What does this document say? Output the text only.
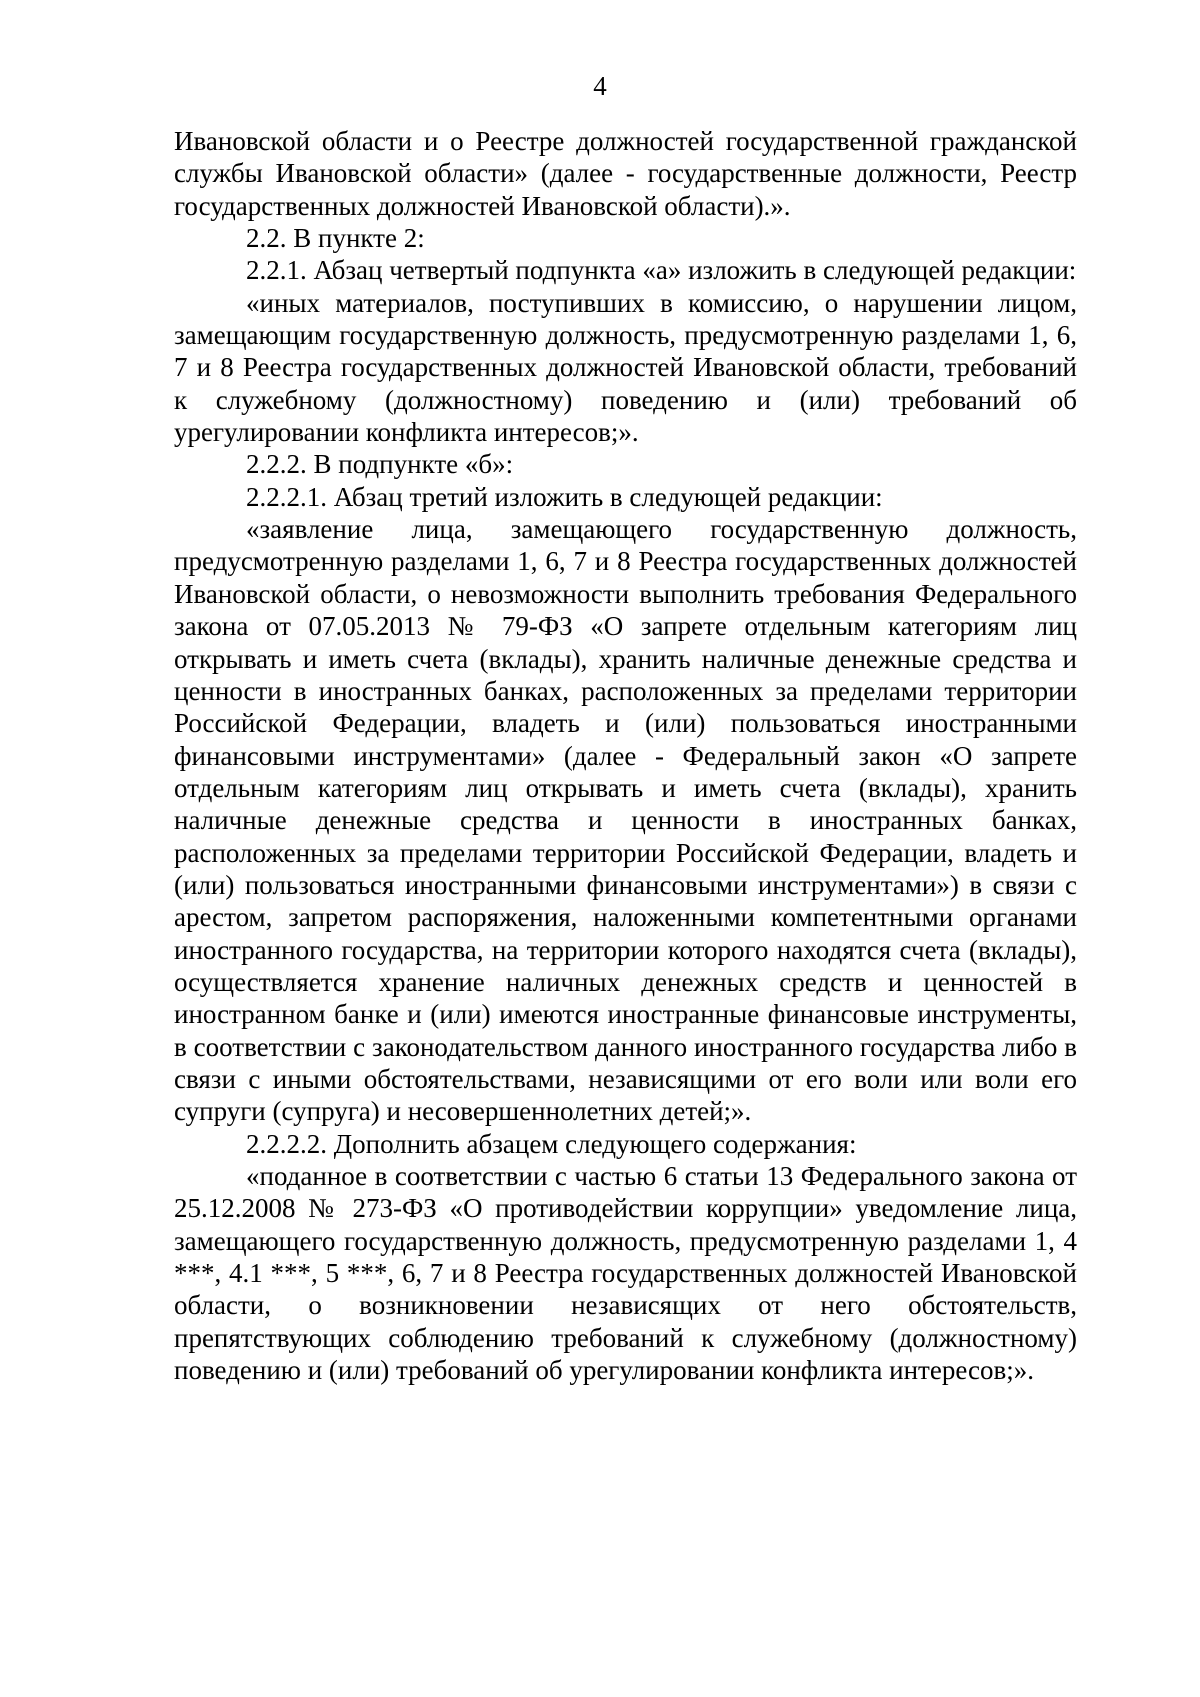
4

Ивановской области и о Реестре должностей государственной гражданской службы Ивановской области» (далее - государственные должности, Реестр государственных должностей Ивановской области).».

2.2. В пункте 2:

2.2.1. Абзац четвертый подпункта «а» изложить в следующей редакции:

«иных материалов, поступивших в комиссию, о нарушении лицом, замещающим государственную должность, предусмотренную разделами 1, 6, 7 и 8 Реестра государственных должностей Ивановской области, требований к служебному (должностному) поведению и (или) требований об урегулировании конфликта интересов;».

2.2.2. В подпункте «б»:

2.2.2.1. Абзац третий изложить в следующей редакции:

«заявление лица, замещающего государственную должность, предусмотренную разделами 1, 6, 7 и 8 Реестра государственных должностей Ивановской области, о невозможности выполнить требования Федерального закона от 07.05.2013 № 79-ФЗ «О запрете отдельным категориям лиц открывать и иметь счета (вклады), хранить наличные денежные средства и ценности в иностранных банках, расположенных за пределами территории Российской Федерации, владеть и (или) пользоваться иностранными финансовыми инструментами» (далее - Федеральный закон «О запрете отдельным категориям лиц открывать и иметь счета (вклады), хранить наличные денежные средства и ценности в иностранных банках, расположенных за пределами территории Российской Федерации, владеть и (или) пользоваться иностранными финансовыми инструментами») в связи с арестом, запретом распоряжения, наложенными компетентными органами иностранного государства, на территории которого находятся счета (вклады), осуществляется хранение наличных денежных средств и ценностей в иностранном банке и (или) имеются иностранные финансовые инструменты, в соответствии с законодательством данного иностранного государства либо в связи с иными обстоятельствами, независящими от его воли или воли его супруги (супруга) и несовершеннолетних детей;».

2.2.2.2. Дополнить абзацем следующего содержания:

«поданное в соответствии с частью 6 статьи 13 Федерального закона от 25.12.2008 № 273-ФЗ «О противодействии коррупции» уведомление лица, замещающего государственную должность, предусмотренную разделами 1, 4 ***, 4.1 ***, 5 ***, 6, 7 и 8 Реестра государственных должностей Ивановской области, о возникновении независящих от него обстоятельств, препятствующих соблюдению требований к служебному (должностному) поведению и (или) требований об урегулировании конфликта интересов;».
